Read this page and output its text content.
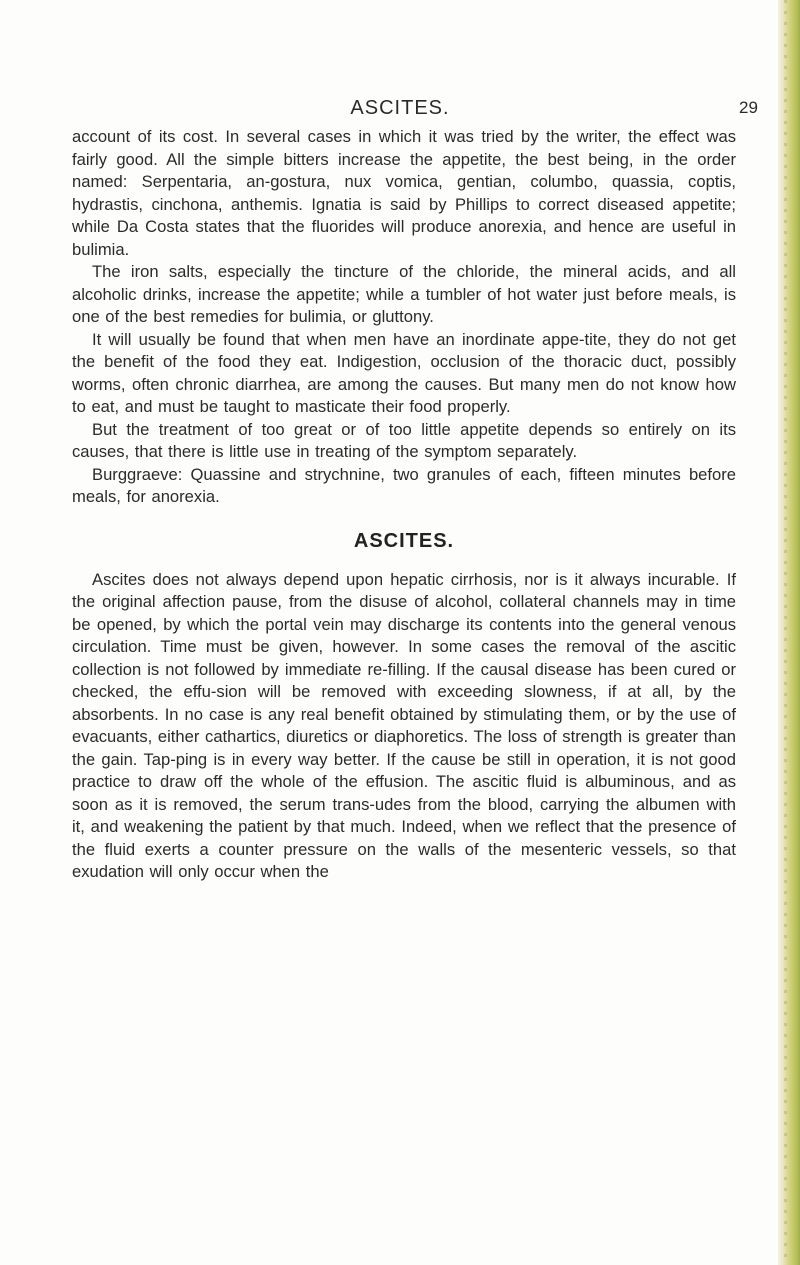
ASCITES.	29

account of its cost. In several cases in which it was tried by the writer, the effect was fairly good. All the simple bitters increase the appetite, the best being, in the order named: Serpentaria, an-gostura, nux vomica, gentian, columbo, quassia, coptis, hydrastis, cinchona, anthemis. Ignatia is said by Phillips to correct diseased appetite; while Da Costa states that the fluorides will produce anorexia, and hence are useful in bulimia.

The iron salts, especially the tincture of the chloride, the mineral acids, and all alcoholic drinks, increase the appetite; while a tumbler of hot water just before meals, is one of the best remedies for bulimia, or gluttony.

It will usually be found that when men have an inordinate appe-tite, they do not get the benefit of the food they eat. Indigestion, occlusion of the thoracic duct, possibly worms, often chronic diarrhea, are among the causes. But many men do not know how to eat, and must be taught to masticate their food properly.

But the treatment of too great or of too little appetite depends so entirely on its causes, that there is little use in treating of the symptom separately.

Burggraeve: Quassine and strychnine, two granules of each, fifteen minutes before meals, for anorexia.

ASCITES.

Ascites does not always depend upon hepatic cirrhosis, nor is it always incurable. If the original affection pause, from the disuse of alcohol, collateral channels may in time be opened, by which the portal vein may discharge its contents into the general venous circulation. Time must be given, however. In some cases the removal of the ascitic collection is not followed by immediate re-filling. If the causal disease has been cured or checked, the effu-sion will be removed with exceeding slowness, if at all, by the absorbents. In no case is any real benefit obtained by stimulating them, or by the use of evacuants, either cathartics, diuretics or diaphoretics. The loss of strength is greater than the gain. Tap-ping is in every way better. If the cause be still in operation, it is not good practice to draw off the whole of the effusion. The ascitic fluid is albuminous, and as soon as it is removed, the serum trans-udes from the blood, carrying the albumen with it, and weakening the patient by that much. Indeed, when we reflect that the presence of the fluid exerts a counter pressure on the walls of the mesenteric vessels, so that exudation will only occur when the
